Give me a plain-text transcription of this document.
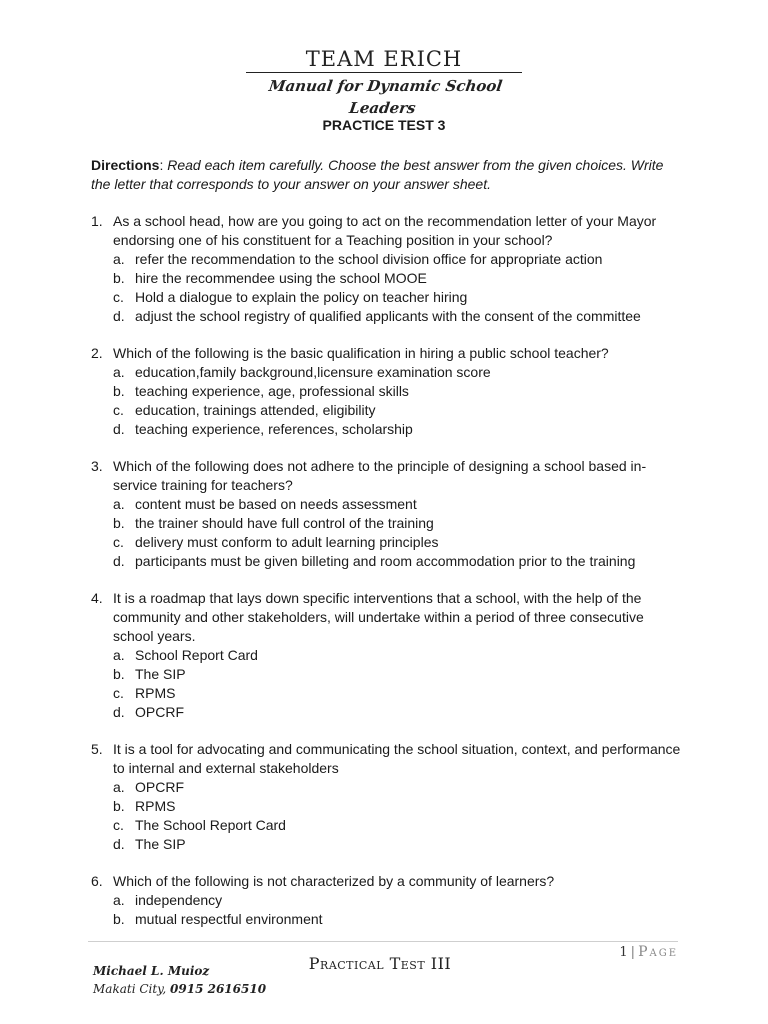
TEAM ERICH
Manual for Dynamic School Leaders
PRACTICE TEST 3
Directions: Read each item carefully. Choose the best answer from the given choices. Write the letter that corresponds to your answer on your answer sheet.
1. As a school head, how are you going to act on the recommendation letter of your Mayor endorsing one of his constituent for a Teaching position in your school?
a. refer the recommendation to the school division office for appropriate action
b. hire the recommendee using the school MOOE
c. Hold a dialogue to explain the policy on teacher hiring
d. adjust the school registry of qualified applicants with the consent of the committee
2. Which of the following is the basic qualification in hiring a public school teacher?
a. education,family background,licensure examination score
b. teaching experience, age, professional skills
c. education, trainings attended, eligibility
d. teaching experience, references, scholarship
3. Which of the following does not adhere to the principle of designing a school based in-service training for teachers?
a. content must be based on needs assessment
b. the trainer should have full control of the training
c. delivery must conform to adult learning principles
d. participants must be given billeting and room accommodation prior to the training
4. It is a roadmap that lays down specific interventions that a school, with the help of the community and other stakeholders, will undertake within a period of three consecutive school years.
a. School Report Card
b. The SIP
c. RPMS
d. OPCRF
5. It is a tool for advocating and communicating the school situation, context, and performance to internal and external stakeholders
a. OPCRF
b. RPMS
c. The School Report Card
d. The SIP
6. Which of the following is not characterized by a community of learners?
a. independency
b. mutual respectful environment
1 | Page
Practical Test III
Michael L. Muioz
Makati City, 0915 2616510
